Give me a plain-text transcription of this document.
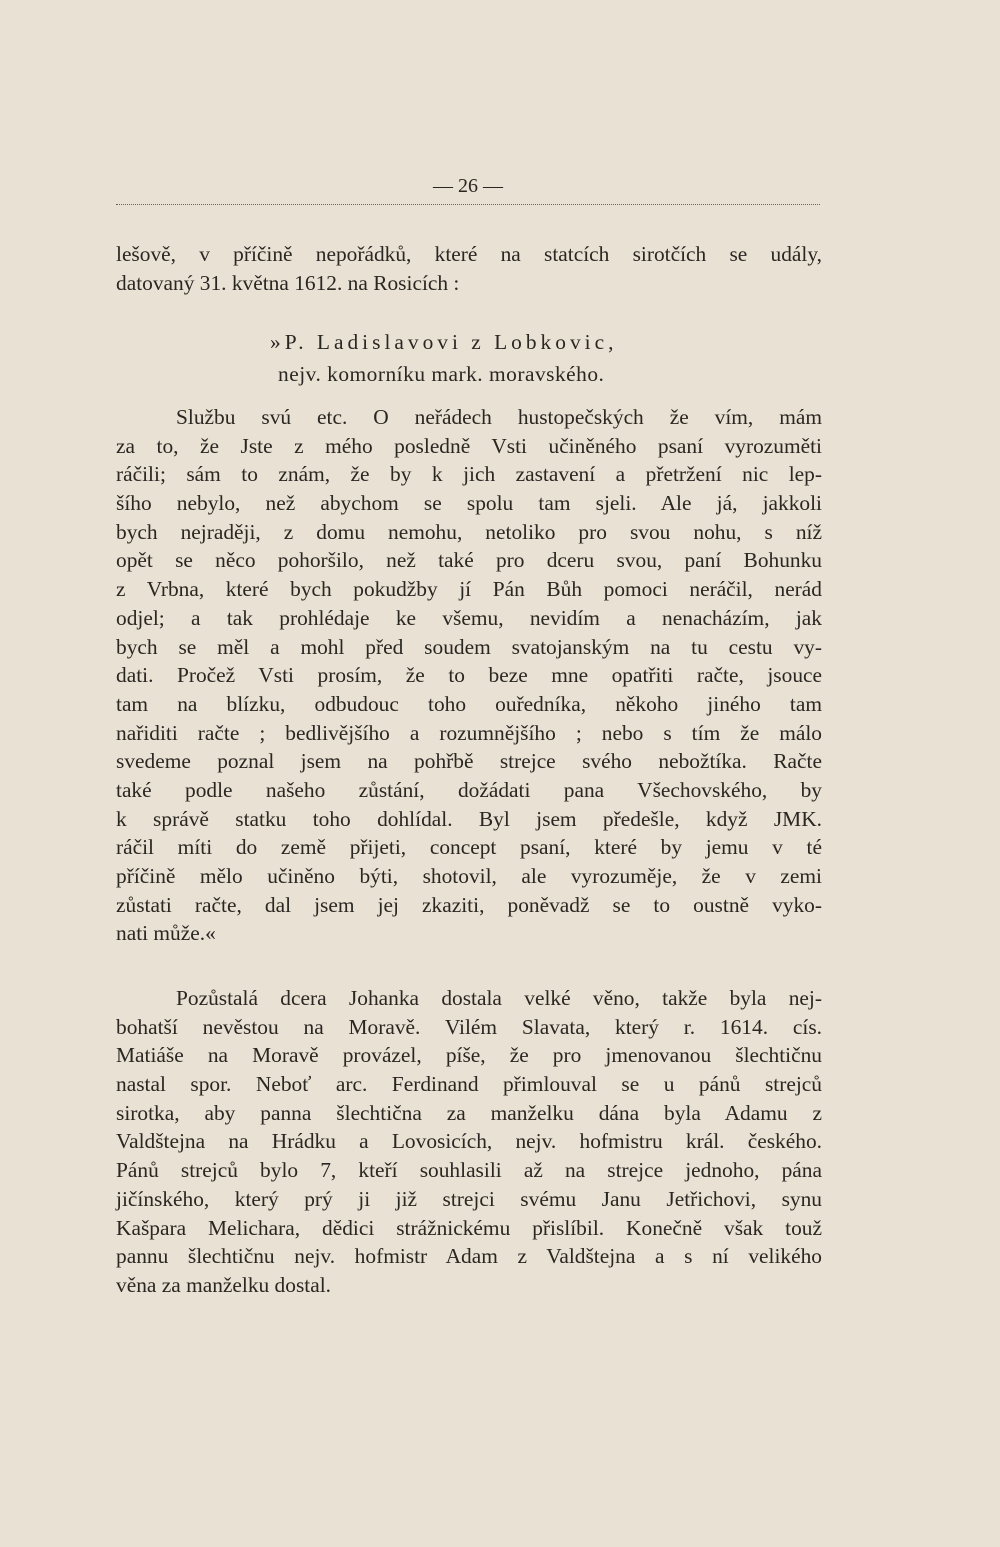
— 26 —
lešově, v příčině nepořádků, které na statcích sirotčích se udály,
datovaný 31. května 1612. na Rosicích :
»P. Ladislavovi z Lobkovic,
nejv. komorníku mark. moravského.
Službu svú etc. O neřádech hustopečských že vím, mám
za to, že Jste z mého posledně Vsti učiněného psaní vyrozuměti
ráčili; sám to znám, že by k jich zastavení a přetržení nic lep-
šího nebylo, než abychom se spolu tam sjeli. Ale já, jakkoli
bych nejraději, z domu nemohu, netoliko pro svou nohu, s níž
opět se něco pohoršilo, než také pro dceru svou, paní Bohunku
z Vrbna, které bych pokudžby jí Pán Bůh pomoci neráčil, nerád
odjel; a tak prohlédaje ke všemu, nevidím a nenacházím, jak
bych se měl a mohl před soudem svatojanským na tu cestu vy-
dati. Pročež Vsti prosím, že to beze mne opatřiti račte, jsouce
tam na blízku, odbudouc toho ouředníka, někoho jiného tam
nařiditi račte ; bedlivějšího a rozumnějšího ; nebo s tím že málo
svedeme poznal jsem na pohřbě strejce svého nebožtíka. Račte
také podle našeho zůstání, dožádati pana Všechovského, by
k správě statku toho dohlídal. Byl jsem předešle, když JMK.
ráčil míti do země přijeti, concept psaní, které by jemu v té
příčině mělo učiněno býti, shotovil, ale vyrozuměje, že v zemi
zůstati račte, dal jsem jej zkaziti, poněvadž se to oustně vyko-
nati může.«
Pozůstalá dcera Johanka dostala velké věno, takže byla nej-
bohatší nevěstou na Moravě. Vilém Slavata, který r. 1614. cís.
Matiáše na Moravě provázel, píše, že pro jmenovanou šlechtičnu
nastal spor. Neboť arc. Ferdinand přimlouval se u pánů strejců
sirotka, aby panna šlechtična za manželku dána byla Adamu z
Valdštejna na Hrádku a Lovosicích, nejv. hofmistru král. českého.
Pánů strejců bylo 7, kteří souhlasili až na strejce jednoho, pána
jičínského, který prý ji již strejci svému Janu Jetřichovi, synu
Kašpara Melichara, dědici strážnickému přislíbil. Konečně však touž
pannu šlechtičnu nejv. hofmistr Adam z Valdštejna a s ní velikého
věna za manželku dostal.
